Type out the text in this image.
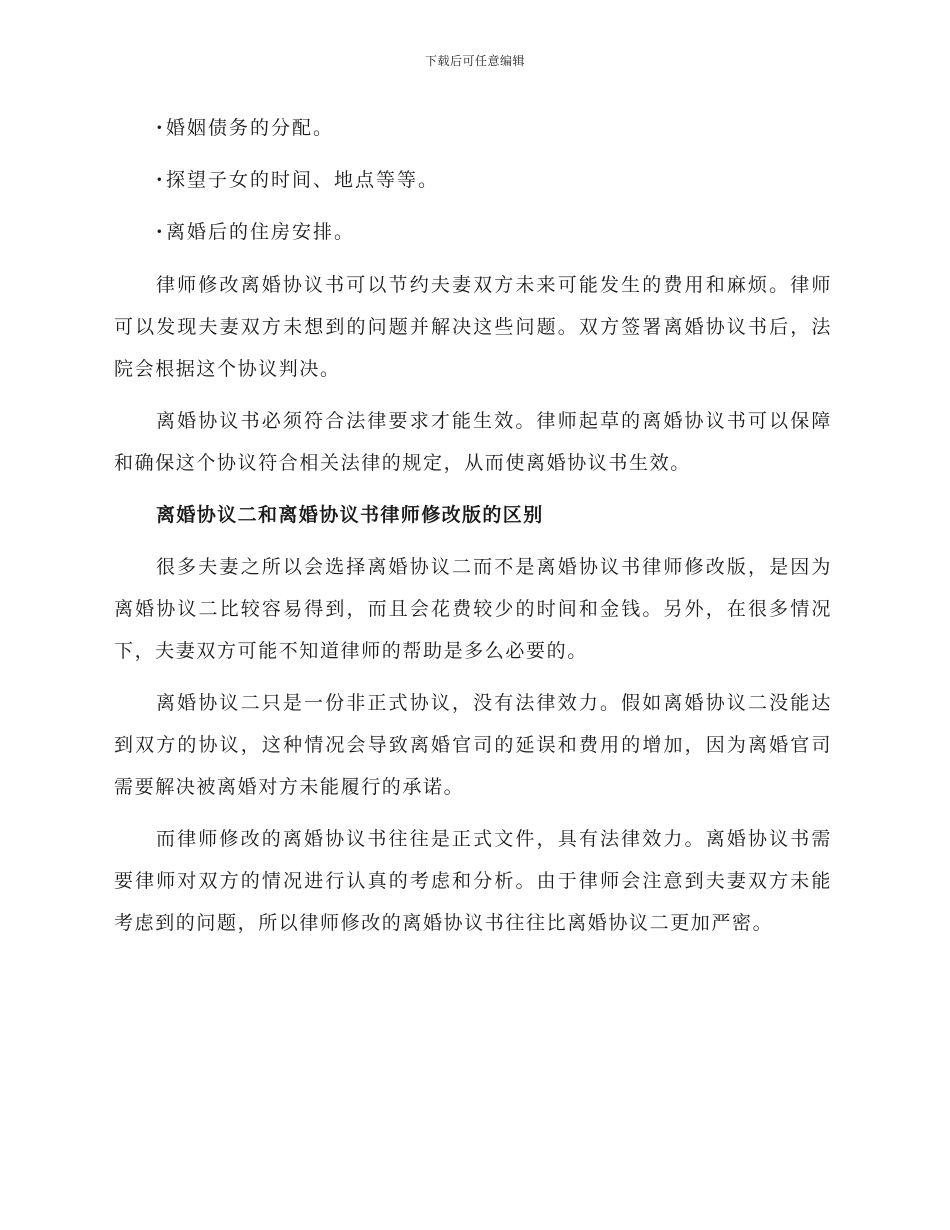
下载后可任意编辑
·婚姻债务的分配。
·探望子女的时间、地点等等。
·离婚后的住房安排。

律师修改离婚协议书可以节约夫妻双方未来可能发生的费用和麻烦。律师可以发现夫妻双方未想到的问题并解决这些问题。双方签署离婚协议书后，法院会根据这个协议判决。

离婚协议书必须符合法律要求才能生效。律师起草的离婚协议书可以保障和确保这个协议符合相关法律的规定，从而使离婚协议书生效。

离婚协议二和离婚协议书律师修改版的区别

很多夫妻之所以会选择离婚协议二而不是离婚协议书律师修改版，是因为离婚协议二比较容易得到，而且会花费较少的时间和金钱。另外，在很多情况下，夫妻双方可能不知道律师的帮助是多么必要的。

离婚协议二只是一份非正式协议，没有法律效力。假如离婚协议二没能达到双方的协议，这种情况会导致离婚官司的延误和费用的增加，因为离婚官司需要解决被离婚对方未能履行的承诺。

而律师修改的离婚协议书往往是正式文件，具有法律效力。离婚协议书需要律师对双方的情况进行认真的考虑和分析。由于律师会注意到夫妻双方未能考虑到的问题，所以律师修改的离婚协议书往往比离婚协议二更加严密。
